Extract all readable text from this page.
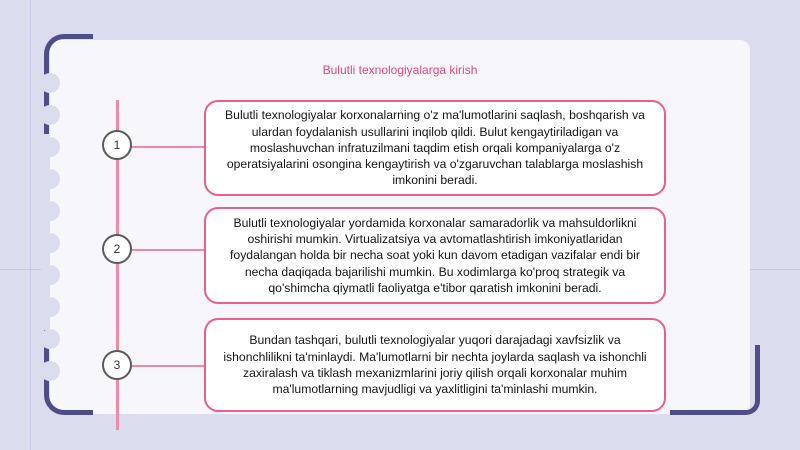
Bulutli texnologiyalarga kirish
1
2
3
Bulutli texnologiyalar korxonalarning o'z ma'lumotlarini saqlash, boshqarish va ulardan foydalanish usullarini inqilob qildi. Bulut kengaytiriladigan va moslashuvchan infratuzilmani taqdim etish orqali kompaniyalarga o'z operatsiyalarini osongina kengaytirish va o'zgaruvchan talablarga moslashish imkonini beradi.
Bulutli texnologiyalar yordamida korxonalar samaradorlik va mahsuldorlikni oshirishi mumkin. Virtualizatsiya va avtomatlashtirish imkoniyatlaridan foydalangan holda bir necha soat yoki kun davom etadigan vazifalar endi bir necha daqiqada bajarilishi mumkin. Bu xodimlarga ko'proq strategik va qo'shimcha qiymatli faoliyatga e'tibor qaratish imkonini beradi.
Bundan tashqari, bulutli texnologiyalar yuqori darajadagi xavfsizlik va ishonchlilikni ta'minlaydi. Ma'lumotlarni bir nechta joylarda saqlash va ishonchli zaxiralash va tiklash mexanizmlarini joriy qilish orqali korxonalar muhim ma'lumotlarning mavjudligi va yaxlitligini ta'minlashi mumkin.
